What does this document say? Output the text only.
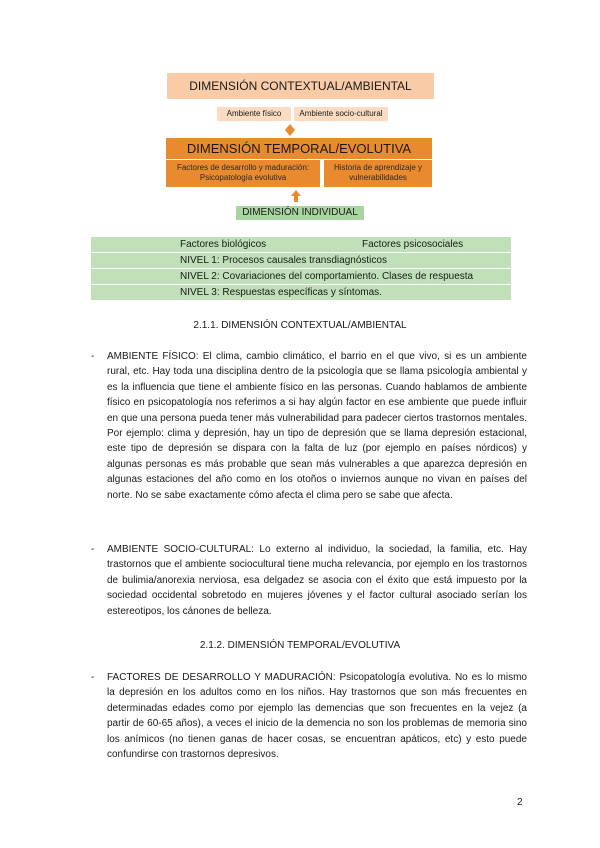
DIMENSIÓN CONTEXTUAL/AMBIENTAL
Ambiente físico	Ambiente socio-cultural
DIMENSIÓN TEMPORAL/EVOLUTIVA
Factores de desarrollo y maduración: Psicopatología evolutiva
Historia de aprendizaje y vulnerabilidades
DIMENSIÓN INDIVIDUAL
Factores biológicos	Factores psicosociales
NIVEL 1: Procesos causales transdiagnósticos
NIVEL 2: Covariaciones del comportamiento. Clases de respuesta
NIVEL 3: Respuestas específicas y síntomas.
2.1.1. DIMENSIÓN CONTEXTUAL/AMBIENTAL
- AMBIENTE FÍSICO: El clima, cambio climático, el barrio en el que vivo, si es un ambiente rural, etc. Hay toda una disciplina dentro de la psicología que se llama psicología ambiental y es la influencia que tiene el ambiente físico en las personas. Cuando hablamos de ambiente físico en psicopatología nos referimos a si hay algún factor en ese ambiente que puede influir en que una persona pueda tener más vulnerabilidad para padecer ciertos trastornos mentales. Por ejemplo: clima y depresión, hay un tipo de depresión que se llama depresión estacional, este tipo de depresión se dispara con la falta de luz (por ejemplo en países nórdicos) y algunas personas es más probable que sean más vulnerables a que aparezca depresión en algunas estaciones del año como en los otoños o inviernos aunque no vivan en países del norte. No se sabe exactamente cómo afecta el clima pero se sabe que afecta.
- AMBIENTE SOCIO-CULTURAL: Lo externo al individuo, la sociedad, la familia, etc. Hay trastornos que el ambiente sociocultural tiene mucha relevancia, por ejemplo en los trastornos de bulimia/anorexia nerviosa, esa delgadez se asocia con el éxito que está impuesto por la sociedad occidental sobretodo en mujeres jóvenes y el factor cultural asociado serían los estereotipos, los cánones de belleza.
2.1.2. DIMENSIÓN TEMPORAL/EVOLUTIVA
- FACTORES DE DESARROLLO Y MADURACIÓN: Psicopatología evolutiva. No es lo mismo la depresión en los adultos como en los niños. Hay trastornos que son más frecuentes en determinadas edades como por ejemplo las demencias que son frecuentes en la vejez (a partir de 60-65 años), a veces el inicio de la demencia no son los problemas de memoria sino los anímicos (no tienen ganas de hacer cosas, se encuentran apáticos, etc) y esto puede confundirse con trastornos depresivos.
2
